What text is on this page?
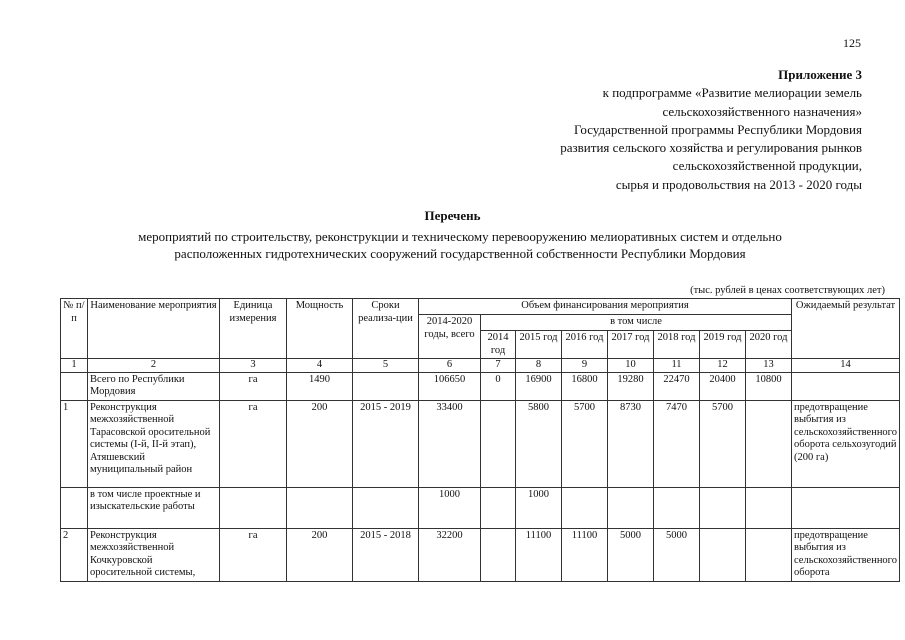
125
Приложение 3
к подпрограмме «Развитие мелиорации земель
сельскохозяйственного назначения»
Государственной программы Республики Мордовия
развития сельского хозяйства и регулирования рынков
сельскохозяйственной продукции,
сырья и продовольствия на 2013 - 2020 годы
Перечень
мероприятий по строительству, реконструкции и техническому перевооружению мелиоративных систем и отдельно
расположенных гидротехнических сооружений государственной собственности Республики Мордовия
(тыс. рублей в ценах соответствующих лет)
№ п/п	Наименование мероприятия	Единица измерения	Мощность	Сроки реализа-ции	Объем финансирования мероприятия								Ожидаемый результат
					2014-2020 годы, всего	в том числе							
						2014 год	2015 год	2016 год	2017 год	2018 год	2019 год	2020 год	
1	2	3	4	5	6	7	8	9	10	11	12	13	14
	Всего по Республики Мордовия	га	1490		106650	0	16900	16800	19280	22470	20400	10800	
1	Реконструкция межхозяйственной Тарасовской оросительной системы (I-й, II-й этап), Атяшевский муниципальный район	га	200	2015 - 2019	33400		5800	5700	8730	7470	5700		предотвращение выбытия из сельскохозяйственного оборота сельхозугодий (200 га)
	в том числе проектные и изыскательские работы				1000		1000						
2	Реконструкция межхозяйственной Кочкуровской оросительной системы,	га	200	2015 - 2018	32200		11100	11100	5000	5000			предотвращение выбытия из сельскохозяйственного оборота
